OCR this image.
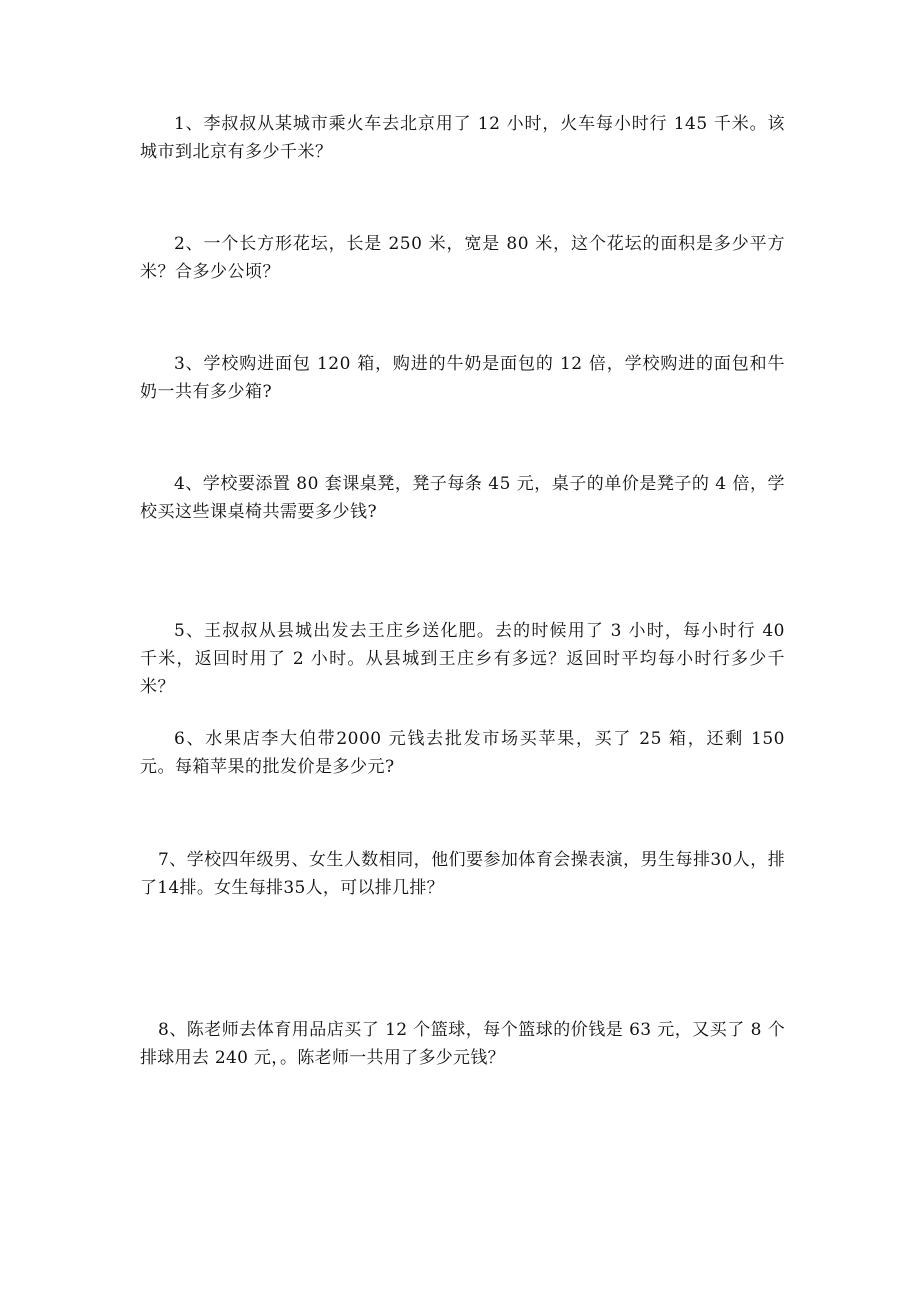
1、李叔叔从某城市乘火车去北京用了 12 小时，火车每小时行 145 千米。该城市到北京有多少千米？

2、一个长方形花坛，长是 250 米，宽是 80 米，这个花坛的面积是多少平方米？合多少公顷？

3、学校购进面包 120 箱，购进的牛奶是面包的 12 倍，学校购进的面包和牛奶一共有多少箱?

4、学校要添置 80 套课桌凳，凳子每条 45 元，桌子的单价是凳子的 4 倍，学校买这些课桌椅共需要多少钱?

5、王叔叔从县城出发去王庄乡送化肥。去的时候用了 3 小时，每小时行 40 千米，返回时用了 2 小时。从县城到王庄乡有多远？返回时平均每小时行多少千米？

6、水果店李大伯带2000 元钱去批发市场买苹果，买了 25 箱，还剩 150 元。每箱苹果的批发价是多少元?

7、学校四年级男、女生人数相同，他们要参加体育会操表演，男生每排30人，排了14排。女生每排35人，可以排几排？

8、陈老师去体育用品店买了 12 个篮球，每个篮球的价钱是 63 元，又买了 8 个排球用去 240 元，。陈老师一共用了多少元钱？
